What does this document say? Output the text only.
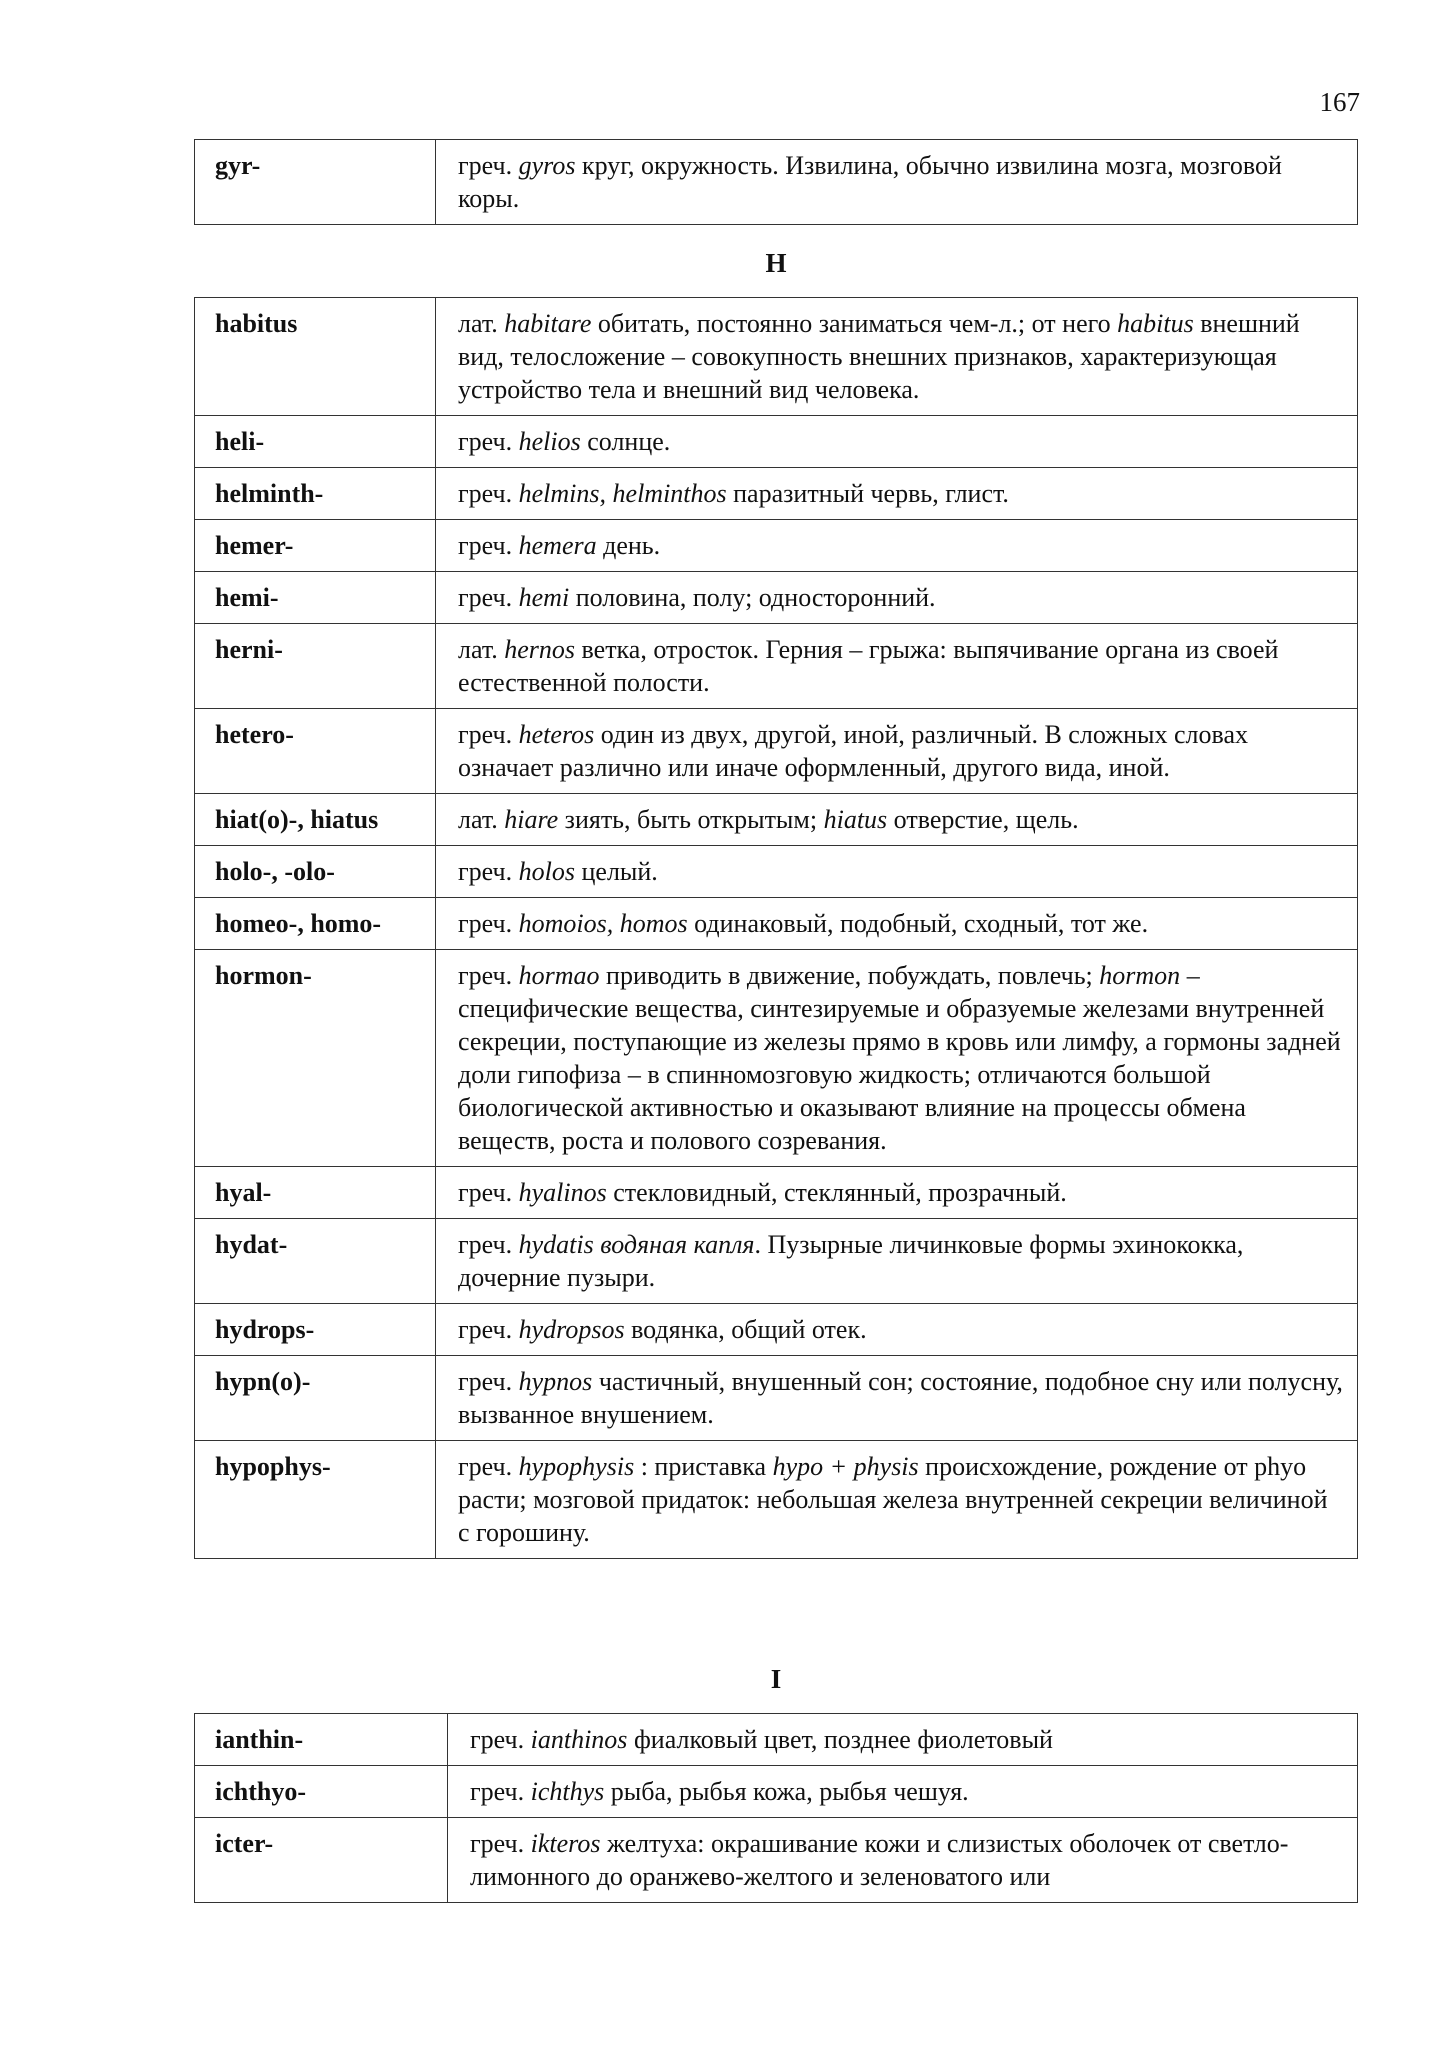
167
gyr-	греч. gyros круг, окружность. Извилина, обычно извилина мозга, мозговой коры.
H
habitus	лат. habitare обитать, постоянно заниматься чем-л.; от него habitus внешний вид, телосложение – совокупность внешних признаков, характеризующая устройство тела и внешний вид человека.
heli-	греч. helios солнце.
helminth-	греч. helmins, helminthos паразитный червь, глист.
hemer-	греч. hemera день.
hemi-	греч. hemi половина, полу; односторонний.
herni-	лат. hernos ветка, отросток. Герния – грыжа: выпячивание органа из своей естественной полости.
hetero-	греч. heteros один из двух, другой, иной, различный. В сложных словах означает различно или иначе оформленный, другого вида, иной.
hiat(o)-, hiatus	лат. hiare зиять, быть открытым; hiatus отверстие, щель.
holo-, -olo-	греч. holos целый.
homeo-, homo-	греч. homoios, homos одинаковый, подобный, сходный, тот же.
hormon-	греч. hormao приводить в движение, побуждать, повлечь; hormon – специфические вещества, синтезируемые и образуемые железами внутренней секреции, поступающие из железы прямо в кровь или лимфу, а гормоны задней доли гипофиза – в спинномозговую жидкость; отличаются большой биологической активностью и оказывают влияние на процессы обмена веществ, роста и полового созревания.
hyal-	греч. hyalinos стекловидный, стеклянный, прозрачный.
hydat-	греч. hydatis водяная капля. Пузырные личинковые формы эхинококка, дочерние пузыри.
hydrops-	греч. hydropsos водянка, общий отек.
hypn(o)-	греч. hypnos частичный, внушенный сон; состояние, подобное сну или полусну, вызванное внушением.
hypophys-	греч. hypophysis : приставка hypo + physis происхождение, рождение от phyo расти; мозговой придаток: небольшая железа внутренней секреции величиной с горошину.
I
ianthin-	греч. ianthinos фиалковый цвет, позднее фиолетовый
ichthyo-	греч. ichthys рыба, рыбья кожа, рыбья чешуя.
icter-	греч. ikteros желтуха: окрашивание кожи и слизистых оболочек от светло-лимонного до оранжево-желтого и зеленоватого или
